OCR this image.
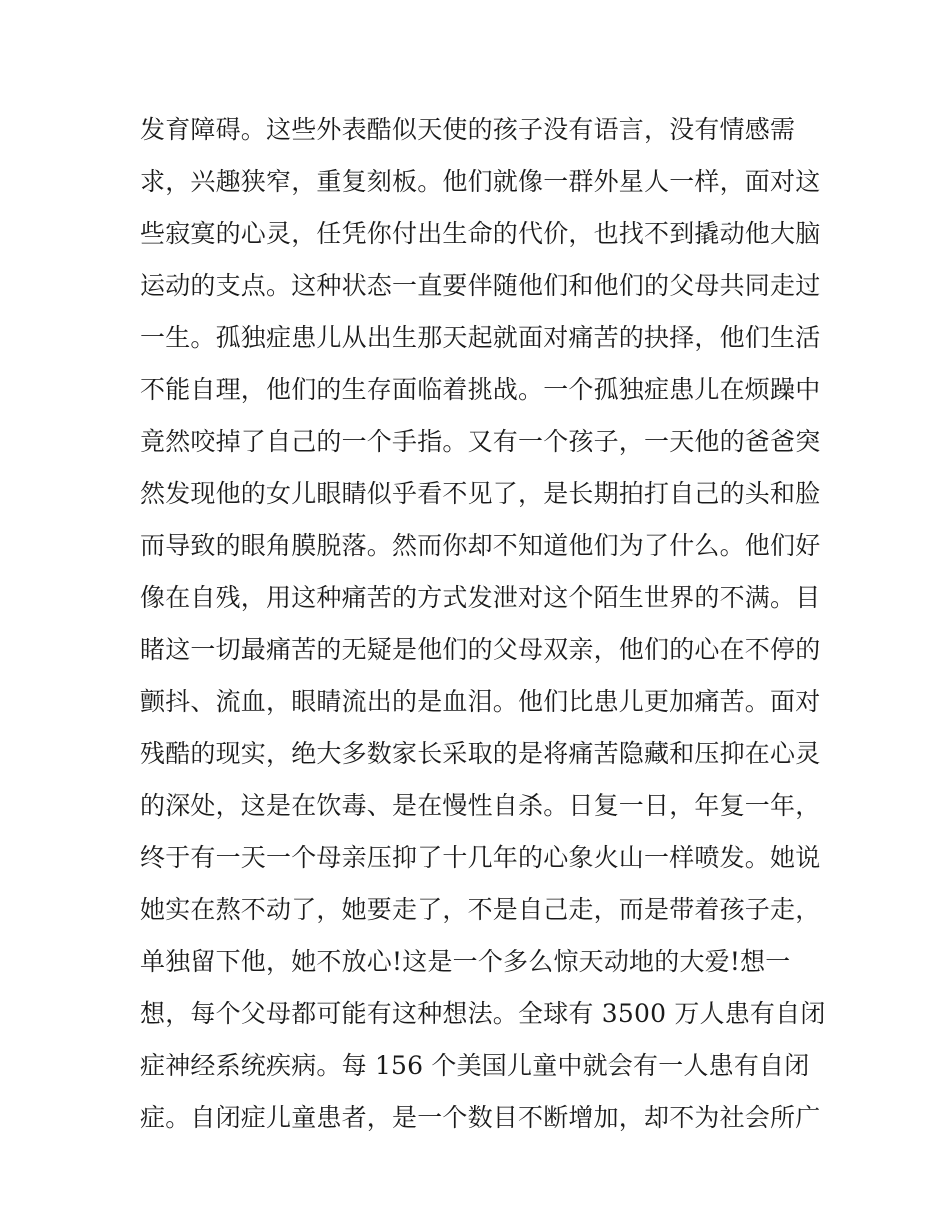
发育障碍。这些外表酷似天使的孩子没有语言，没有情感需
求，兴趣狭窄，重复刻板。他们就像一群外星人一样，面对这
些寂寞的心灵，任凭你付出生命的代价，也找不到撬动他大脑
运动的支点。这种状态一直要伴随他们和他们的父母共同走过
一生。孤独症患儿从出生那天起就面对痛苦的抉择，他们生活
不能自理，他们的生存面临着挑战。一个孤独症患儿在烦躁中
竟然咬掉了自己的一个手指。又有一个孩子，一天他的爸爸突
然发现他的女儿眼睛似乎看不见了，是长期拍打自己的头和脸
而导致的眼角膜脱落。然而你却不知道他们为了什么。他们好
像在自残，用这种痛苦的方式发泄对这个陌生世界的不满。目
睹这一切最痛苦的无疑是他们的父母双亲，他们的心在不停的
颤抖、流血，眼睛流出的是血泪。他们比患儿更加痛苦。面对
残酷的现实，绝大多数家长采取的是将痛苦隐藏和压抑在心灵
的深处，这是在饮毒、是在慢性自杀。日复一日，年复一年，
终于有一天一个母亲压抑了十几年的心象火山一样喷发。她说
她实在熬不动了，她要走了，不是自己走，而是带着孩子走，
单独留下他，她不放心!这是一个多么惊天动地的大爱!想一
想，每个父母都可能有这种想法。全球有 3500 万人患有自闭
症神经系统疾病。每 156 个美国儿童中就会有一人患有自闭
症。自闭症儿童患者，是一个数目不断增加，却不为社会所广
